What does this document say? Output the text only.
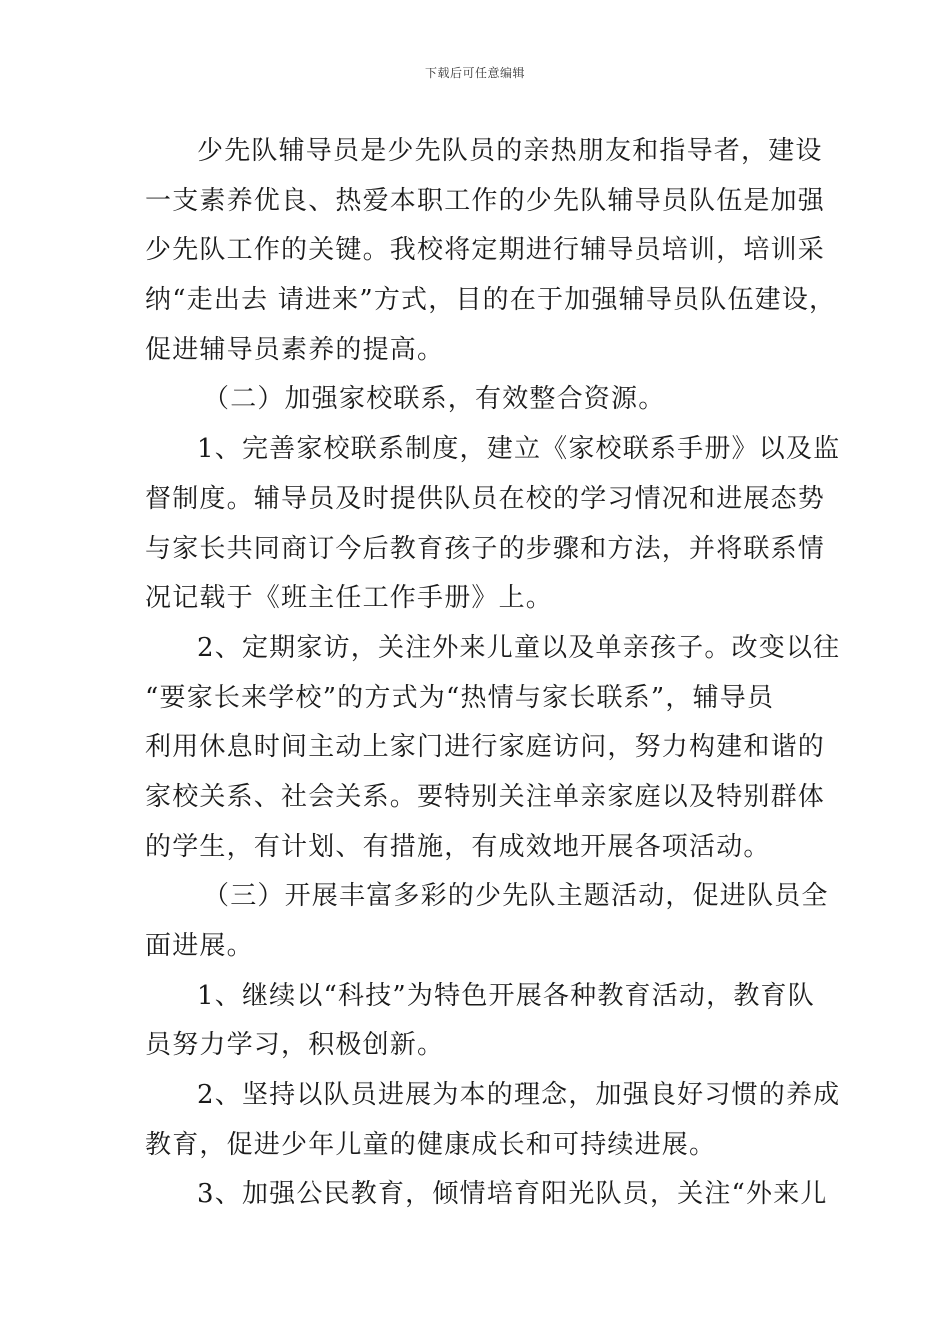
下载后可任意编辑
少先队辅导员是少先队员的亲热朋友和指导者，建设
一支素养优良、热爱本职工作的少先队辅导员队伍是加强
少先队工作的关键。我校将定期进行辅导员培训，培训采
纳“走出去 请进来”方式，目的在于加强辅导员队伍建设，
促进辅导员素养的提高。
（二）加强家校联系，有效整合资源。
1、完善家校联系制度，建立《家校联系手册》以及监
督制度。辅导员及时提供队员在校的学习情况和进展态势
与家长共同商订今后教育孩子的步骤和方法，并将联系情
况记载于《班主任工作手册》上。
2、定期家访，关注外来儿童以及单亲孩子。改变以往
“要家长来学校”的方式为“热情与家长联系”，辅导员
利用休息时间主动上家门进行家庭访问，努力构建和谐的
家校关系、社会关系。要特别关注单亲家庭以及特别群体
的学生，有计划、有措施，有成效地开展各项活动。
（三）开展丰富多彩的少先队主题活动，促进队员全
面进展。
1、继续以“科技”为特色开展各种教育活动，教育队
员努力学习，积极创新。
2、坚持以队员进展为本的理念，加强良好习惯的养成
教育，促进少年儿童的健康成长和可持续进展。
3、加强公民教育，倾情培育阳光队员，关注“外来儿
